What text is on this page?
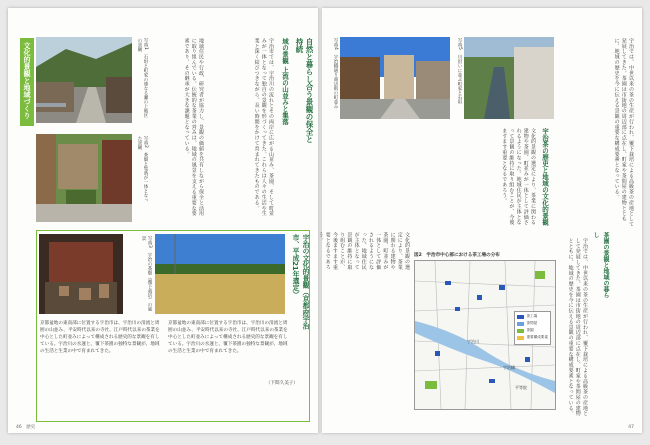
文化的景観と地域づくり	写真1　石垣と町家の連なる瀬の上地区の景観
写真2　茶畑と集落が一体となった景観	自然と暮らし合う景観の保全と持続
域の景観 上流の山並みと集落
宇治市では、宇治川の流れとその両岸に広がる山並み、茶園、そして町並みが一体となって独自の景観を形づくってきた。これらは人々の生活や生業と深く結びつきながら、長い時間をかけて育まれてきたものである。
地域住民や行政、研究者が協力し、景観の価値を共有しながら保全と活用に取り組んでいる。伝統的な茶業の営みは、地域の風景を支える重要な要素であり、その継承が大きな課題となっている。
写真3　宇治の茶畑（覆下栽培）の風景	宇治の文化的景観（京都府宇治市、平成21年選定）
京都盆地の東南部に位置する宇治市は、宇治川の清流と周囲の山並み、平安時代以来の寺社、江戸時代以来の茶業を中心とした町並みによって構成される歴史的な景観を有している。宇治川の水運と、覆下茶園の独特な景観が、地域の生活と生業の中で育まれてきた。
京都盆地の東南部に位置する宇治市は、宇治川の清流と周囲の山並み、平安時代以来の寺社、江戸時代以来の茶業を中心とした町並みによって構成される歴史的な景観を有している。宇治川の水運と、覆下茶園の独特な景観が、地域の生活と生業の中で育まれてきた。
（下間久美子）
46　歴史
写真4　宇治橋通り商店街の町並み	写真5　川沿いに並ぶ町家と石垣	宇治では、中世以来の茶の生産が行われ、覆下栽培による高級茶の産地として発展してきた。茶園は市街地の周辺部に点在し、町家や茶問屋の建物とともに、地域の歴史を今に伝える景観の重要な構成要素となっている。
宇治茶の歴史と地域の文化的景観
文化的景観の選定により、茶業に関わる建物や茶園、町並みが一体として評価されるようになった。地域住民が主体となって景観の維持に取り組むことが、今後ますます重要となるであろう。
茶園の景観と地域の暮らし
文化的景観の選定により、茶業に関わる建物や茶園、町並みが一体として評価されるようになった。地域住民が主体となって景観の維持に取り組むことが、今後ますます重要となるであろう。
宇治では、中世以来の茶の生産が行われ、覆下栽培による高級茶の産地として発展してきた。茶園は市街地の周辺部に点在し、町家や茶問屋の建物とともに、地域の歴史を今に伝える景観の重要な構成要素となっている。
図2　宇治市中心部における茶工場の分布
宇治川
宇治橋
平等院
茶工場
茶問屋
茶園
重要構成要素
47
